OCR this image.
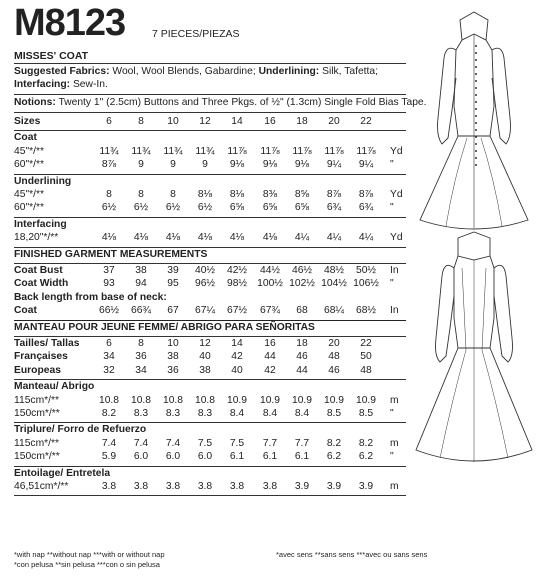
M8123	7 PIECES/PIEZAS
MISSES' COAT
Suggested Fabrics: Wool, Wool Blends, Gabardine; Underlining: Silk, Tafetta;
Interfacing: Sew-In.
Notions: Twenty 1" (2.5cm) Buttons and Three Pkgs. of ½" (1.3cm) Single Fold Bias Tape.
Sizes	6	8	10	12	14	16	18	20	22
Coat
45"*/**	11¾	11¾	11¾	11¾	11⅞	11⅞	11⅞	11⅞	11⅞	Yd
60"*/**	8⅞	9	9	9	9⅛	9⅛	9⅛	9¼	9¼	"
Underlining
45"*/**	8	8	8	8⅛	8⅛	8⅜	8⅝	8⅞	8⅞	Yd
60"*/**	6½	6½	6½	6½	6⅝	6⅝	6⅝	6¾	6¾	"
Interfacing
18,20"*/**	4⅛	4⅛	4⅛	4⅛	4⅛	4⅛	4¼	4¼	4¼	Yd
FINISHED GARMENT MEASUREMENTS
Coat Bust	37	38	39	40½	42½	44½	46½	48½	50½	In
Coat Width	93	94	95	96½	98½ 100½ 102½ 104½ 106½	"
Back length from base of neck:
Coat	66½	66¾	67	67¼	67½	67¾	68	68¼	68½	In
MANTEAU POUR JEUNE FEMME/ ABRIGO PARA SEÑORITAS
Tailles/ Tallas	6	8	10	12	14	16	18	20	22
Françaises	34	36	38	40	42	44	46	48	50
Europeas	32	34	36	38	40	42	44	46	48
Manteau/ Abrigo
115cm*/**	10.8	10.8	10.8	10.8	10.9	10.9	10.9	10.9	10.9	m
150cm*/**	8.2	8.3	8.3	8.3	8.4	8.4	8.4	8.5	8.5	"
Triplure/ Forro de Refuerzo
115cm*/**	7.4	7.4	7.4	7.5	7.5	7.7	7.7	8.2	8.2	m
150cm*/**	5.9	6.0	6.0	6.0	6.1	6.1	6.1	6.2	6.2	"
Entoilage/ Entretela
46,51cm*/**	3.8	3.8	3.8	3.8	3.8	3.8	3.9	3.9	3.9	m
*with nap **without nap ***with or without nap
*con pelusa **sin pelusa ***con o sin pelusa
*avec sens **sans sens ***avec ou sans sens
